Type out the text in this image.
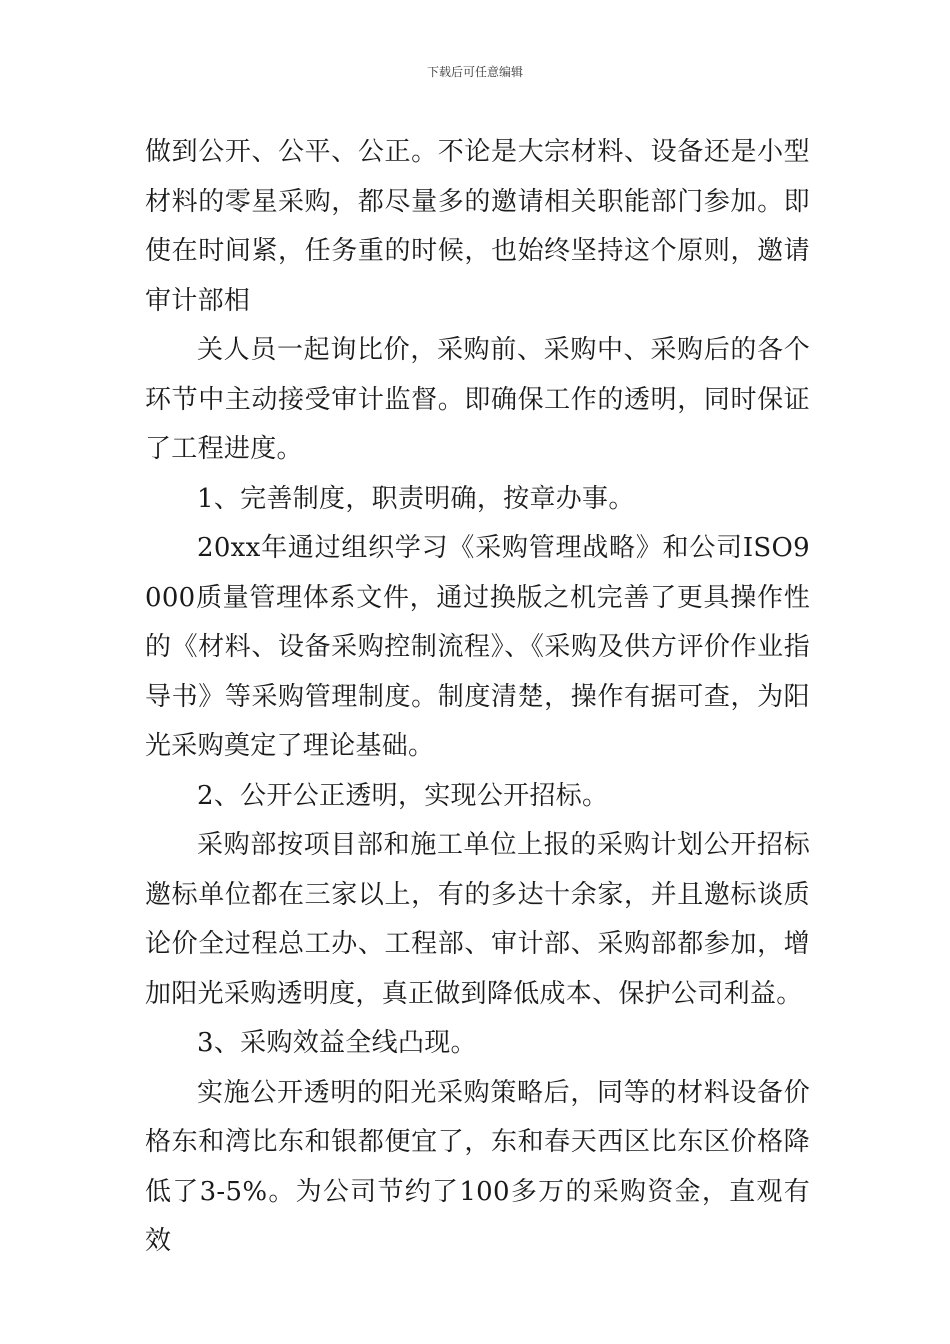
下载后可任意编辑

做到公开、公平、公正。不论是大宗材料、设备还是小型材料的零星采购，都尽量多的邀请相关职能部门参加。即使在时间紧，任务重的时候，也始终坚持这个原则，邀请审计部相

关人员一起询比价，采购前、采购中、采购后的各个环节中主动接受审计监督。即确保工作的透明，同时保证了工程进度。

1、完善制度，职责明确，按章办事。

20xx年通过组织学习《采购管理战略》和公司ISO9000质量管理体系文件，通过换版之机完善了更具操作性的《材料、设备采购控制流程》、《采购及供方评价作业指导书》等采购管理制度。制度清楚，操作有据可查，为阳光采购奠定了理论基础。

2、公开公正透明，实现公开招标。

采购部按项目部和施工单位上报的采购计划公开招标邀标单位都在三家以上，有的多达十余家，并且邀标谈质论价全过程总工办、工程部、审计部、采购部都参加，增加阳光采购透明度，真正做到降低成本、保护公司利益。

3、采购效益全线凸现。

实施公开透明的阳光采购策略后，同等的材料设备价格东和湾比东和银都便宜了，东和春天西区比东区价格降低了3-5%。为公司节约了100多万的采购资金，直观有效
